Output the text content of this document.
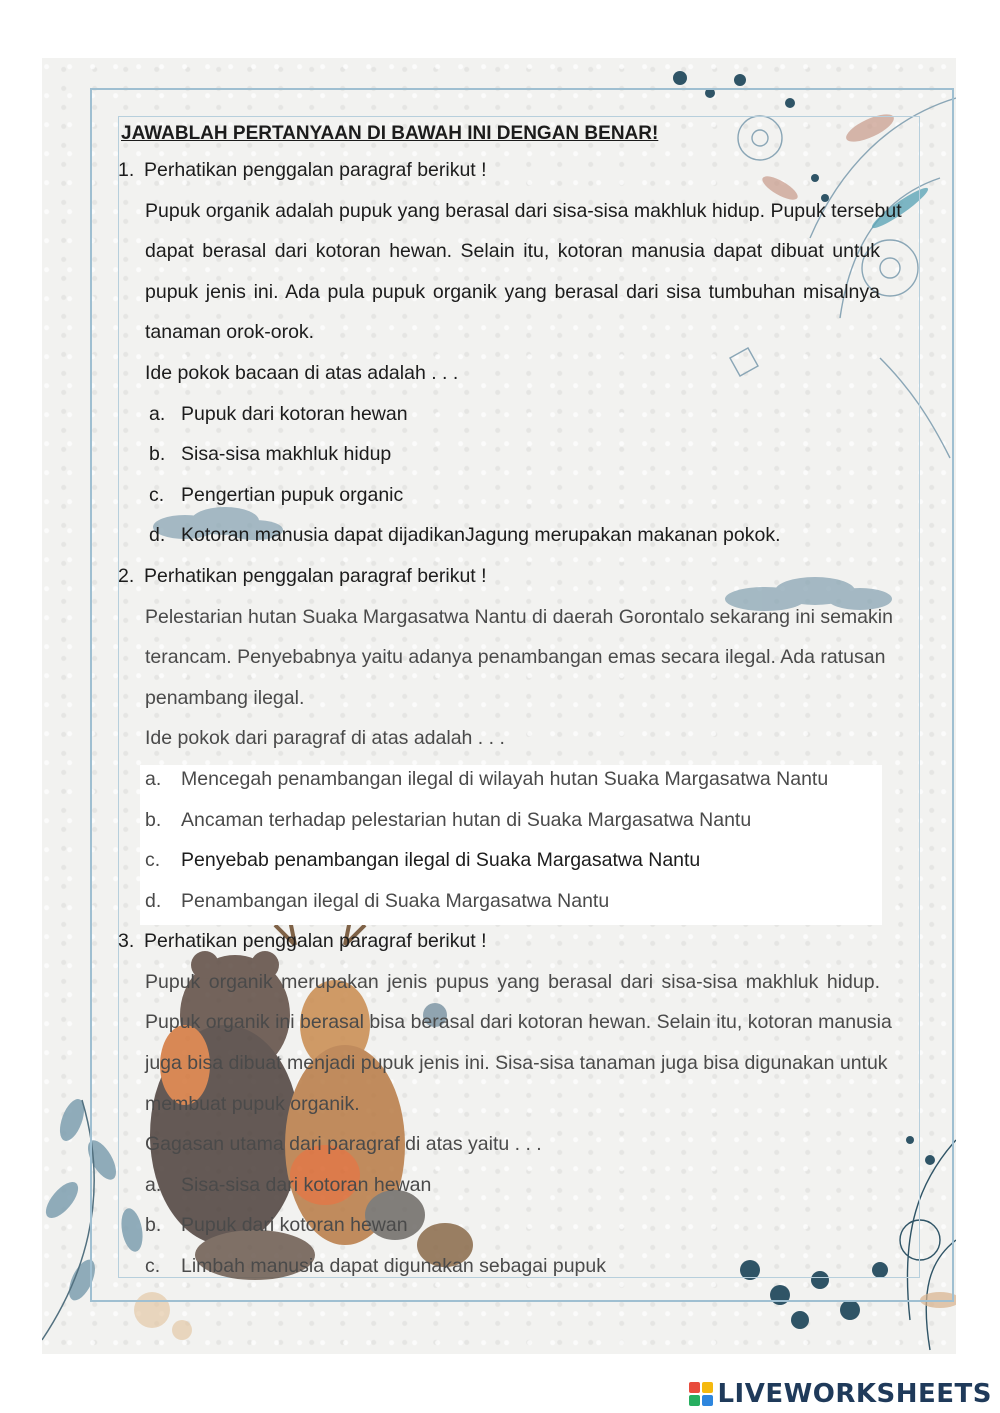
JAWABLAH PERTANYAAN DI BAWAH INI DENGAN BENAR!
1. Perhatikan penggalan paragraf berikut !
Pupuk organik adalah pupuk yang berasal dari sisa-sisa makhluk hidup. Pupuk tersebut
dapat berasal dari kotoran hewan. Selain itu, kotoran manusia dapat dibuat untuk
pupuk jenis ini. Ada pula pupuk organik yang berasal dari sisa tumbuhan misalnya
tanaman orok-orok.
Ide pokok bacaan di atas adalah . . .
a. Pupuk dari kotoran hewan
b. Sisa-sisa makhluk hidup
c. Pengertian pupuk organic
d. Kotoran manusia dapat dijadikanJagung merupakan makanan pokok.
2. Perhatikan penggalan paragraf berikut !
Pelestarian hutan Suaka Margasatwa Nantu di daerah Gorontalo sekarang ini semakin
terancam. Penyebabnya yaitu adanya penambangan emas secara ilegal. Ada ratusan
penambang ilegal.
Ide pokok dari paragraf di atas adalah . . .
a. Mencegah penambangan ilegal di wilayah hutan Suaka Margasatwa Nantu
b. Ancaman terhadap pelestarian hutan di Suaka Margasatwa Nantu
c. Penyebab penambangan ilegal di Suaka Margasatwa Nantu
d. Penambangan ilegal di Suaka Margasatwa Nantu
3. Perhatikan penggalan paragraf berikut !
Pupuk organik merupakan jenis pupus yang berasal dari sisa-sisa makhluk hidup.
Pupuk organik ini berasal bisa berasal dari kotoran hewan. Selain itu, kotoran manusia
juga bisa dibuat menjadi pupuk jenis ini. Sisa-sisa tanaman juga bisa digunakan untuk
membuat pupuk organik.
Gagasan utama dari paragraf di atas yaitu . . .
a. Sisa-sisa dari kotoran hewan
b. Pupuk dari kotoran hewan
c. Limbah manusia dapat digunakan sebagai pupuk
LIVEWORKSHEETS
